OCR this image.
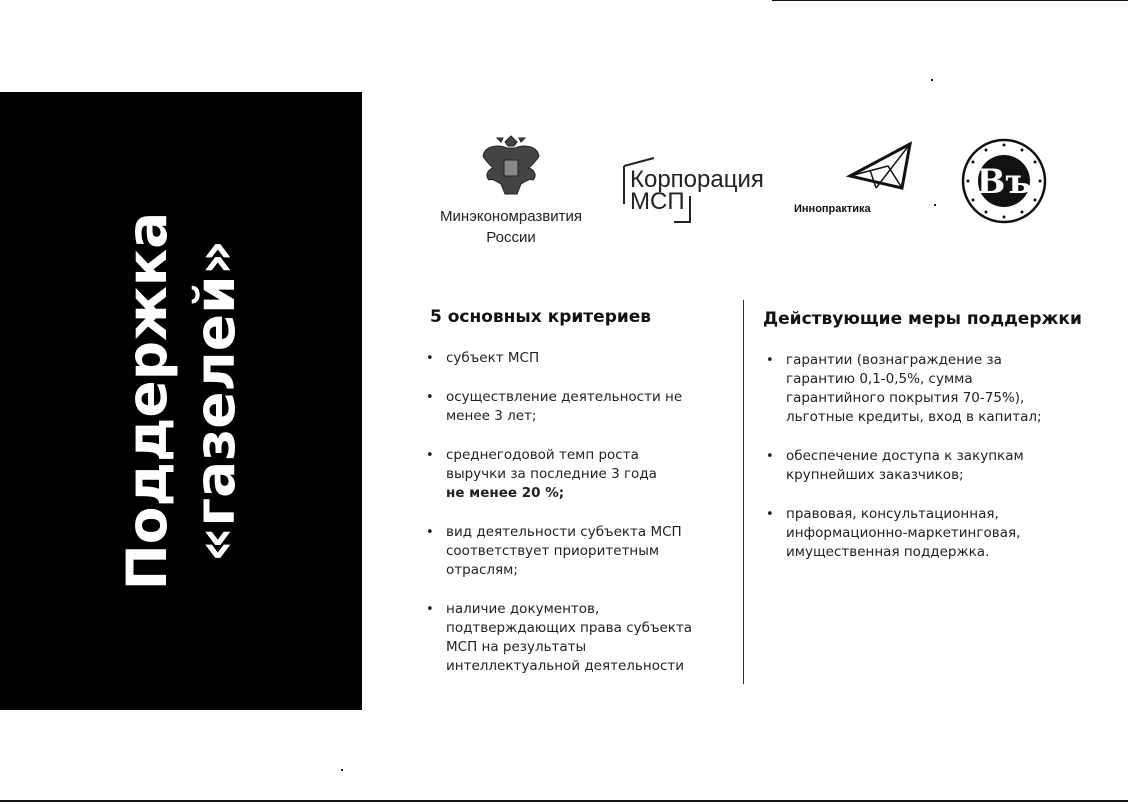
Поддержка «газелей»
Минэкономразвития
России
Корпорация
МСП	Иннопрактика
Въ
5 основных критериев
• субъект МСП
• осуществление деятельности не менее 3 лет;
• среднегодовой темп роста выручки за последние 3 года
не менее 20 %;
• вид деятельности субъекта МСП соответствует приоритетным отраслям;
• наличие документов, подтверждающих права субъекта МСП на результаты интеллектуальной деятельности
Действующие меры поддержки
• гарантии (вознаграждение за гарантию 0,1-0,5%, сумма гарантийного покрытия 70-75%), льготные кредиты, вход в капитал;
• обеспечение доступа к закупкам крупнейших заказчиков;
• правовая, консультационная, информационно-маркетинговая, имущественная поддержка.
